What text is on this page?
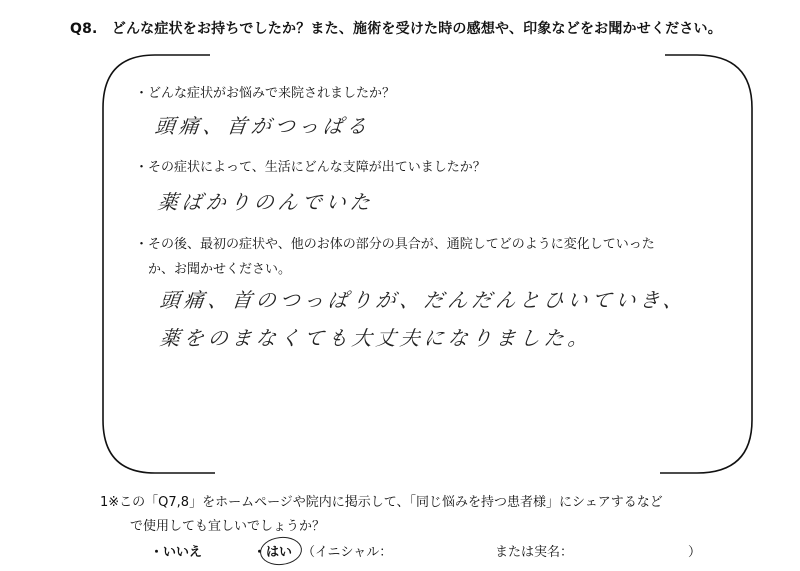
Q8.　どんな症状をお持ちでしたか？また、施術を受けた時の感想や、印象などをお聞かせください。
・どんな症状がお悩みで来院されましたか？
頭痛、首がつっぱる
・その症状によって、生活にどんな支障が出ていましたか？
薬ばかりのんでいた
・その後、最初の症状や、他のお体の部分の具合が、通院してどのように変化していった
か、お聞かせください。
頭痛、首のつっぱりが、だんだんとひいていき、
薬をのまなくても大丈夫になりました。
1※この「Q7,8」をホームページや院内に掲示して、「同じ悩みを持つ患者様」にシェアするなど
で使用しても宜しいでしょうか？
・いいえ	・ はい （イニシャル：	または実名：	）
